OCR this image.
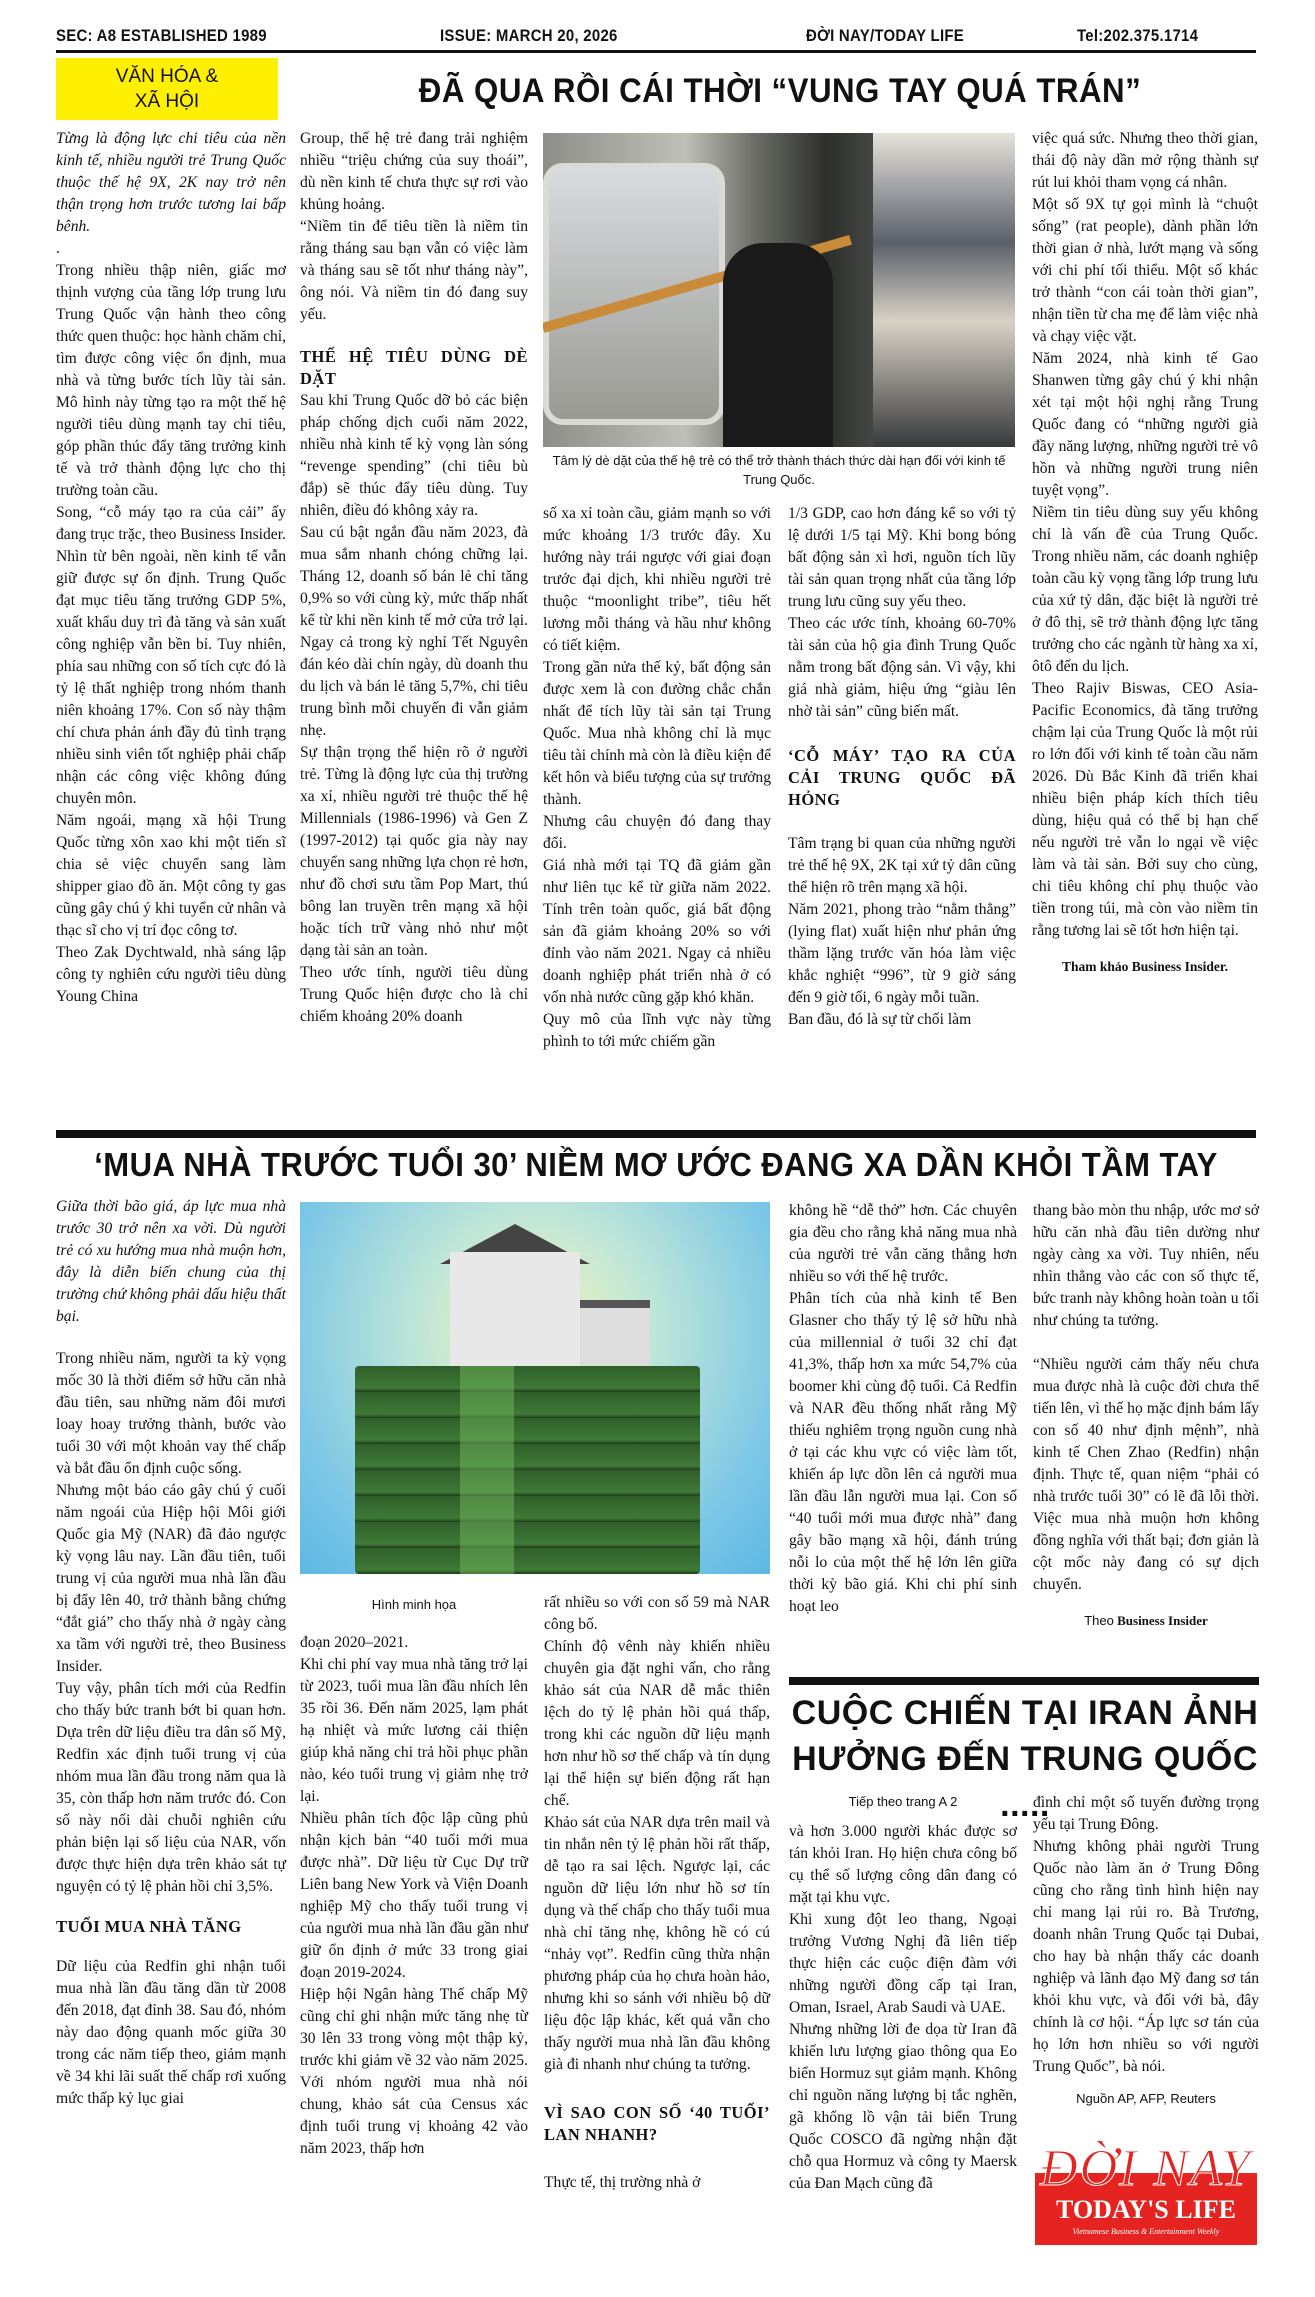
SEC: A8 ESTABLISHED 1989	ISSUE: MARCH 20, 2026	ĐỜI NAY/TODAY LIFE	Tel:202.375.1714
VĂN HÓA &
XÃ HỘI	ĐÃ QUA RỒI CÁI THỜI “VUNG TAY QUÁ TRÁN”

Từng là động lực chi tiêu của nền kinh tế, nhiều người trẻ Trung Quốc thuộc thế hệ 9X, 2K nay trở nên thận trọng hơn trước tương lai bấp bênh.

.

Trong nhiều thập niên, giấc mơ thịnh vượng của tầng lớp trung lưu Trung Quốc vận hành theo công thức quen thuộc: học hành chăm chỉ, tìm được công việc ổn định, mua nhà và từng bước tích lũy tài sản. Mô hình này từng tạo ra một thế hệ người tiêu dùng mạnh tay chi tiêu, góp phần thúc đẩy tăng trưởng kinh tế và trở thành động lực cho thị trường toàn cầu.

Song, “cỗ máy tạo ra của cải” ấy đang trục trặc, theo Business Insider.

Nhìn từ bên ngoài, nền kinh tế vẫn giữ được sự ổn định. Trung Quốc đạt mục tiêu tăng trưởng GDP 5%, xuất khẩu duy trì đà tăng và sản xuất công nghiệp vẫn bền bỉ. Tuy nhiên, phía sau những con số tích cực đó là tỷ lệ thất nghiệp trong nhóm thanh niên khoảng 17%. Con số này thậm chí chưa phản ánh đầy đủ tình trạng nhiều sinh viên tốt nghiệp phải chấp nhận các công việc không đúng chuyên môn.

Năm ngoái, mạng xã hội Trung Quốc từng xôn xao khi một tiến sĩ chia sẻ việc chuyển sang làm shipper giao đồ ăn. Một công ty gas cũng gây chú ý khi tuyển cử nhân và thạc sĩ cho vị trí đọc công tơ.

Theo Zak Dychtwald, nhà sáng lập công ty nghiên cứu người tiêu dùng Young China

Group, thế hệ trẻ đang trải nghiệm nhiều “triệu chứng của suy thoái”, dù nền kinh tế chưa thực sự rơi vào khủng hoảng.

“Niềm tin để tiêu tiền là niềm tin rằng tháng sau bạn vẫn có việc làm và tháng sau sẽ tốt như tháng này”, ông nói. Và niềm tin đó đang suy yếu.

THẾ HỆ TIÊU DÙNG DÈ DẶT

Sau khi Trung Quốc dỡ bỏ các biện pháp chống dịch cuối năm 2022, nhiều nhà kinh tế kỳ vọng làn sóng “revenge spending” (chi tiêu bù đắp) sẽ thúc đẩy tiêu dùng. Tuy nhiên, điều đó không xảy ra.

Sau cú bật ngắn đầu năm 2023, đà mua sắm nhanh chóng chững lại. Tháng 12, doanh số bán lẻ chỉ tăng 0,9% so với cùng kỳ, mức thấp nhất kể từ khi nền kinh tế mở cửa trở lại. Ngay cả trong kỳ nghỉ Tết Nguyên đán kéo dài chín ngày, dù doanh thu du lịch và bán lẻ tăng 5,7%, chi tiêu trung bình mỗi chuyến đi vẫn giảm nhẹ.

Sự thận trọng thể hiện rõ ở người trẻ. Từng là động lực của thị trường xa xỉ, nhiều người trẻ thuộc thế hệ Millennials (1986-1996) và Gen Z (1997-2012) tại quốc gia này nay chuyển sang những lựa chọn rẻ hơn, như đồ chơi sưu tầm Pop Mart, thú bông lan truyền trên mạng xã hội hoặc tích trữ vàng nhỏ như một dạng tài sản an toàn.

Theo ước tính, người tiêu dùng Trung Quốc hiện được cho là chỉ chiếm khoảng 20% doanh

Tâm lý dè dặt của thế hệ trẻ có thể trở thành thách thức dài hạn đối với kinh tế Trung Quốc.

số xa xỉ toàn cầu, giảm mạnh so với mức khoảng 1/3 trước đây. Xu hướng này trái ngược với giai đoạn trước đại dịch, khi nhiều người trẻ thuộc “moonlight tribe”, tiêu hết lương mỗi tháng và hầu như không có tiết kiệm.

Trong gần nửa thế kỷ, bất động sản được xem là con đường chắc chắn nhất để tích lũy tài sản tại Trung Quốc. Mua nhà không chỉ là mục tiêu tài chính mà còn là điều kiện để kết hôn và biểu tượng của sự trưởng thành.

Nhưng câu chuyện đó đang thay đổi.

Giá nhà mới tại TQ đã giảm gần như liên tục kể từ giữa năm 2022. Tính trên toàn quốc, giá bất động sản đã giảm khoảng 20% so với đỉnh vào năm 2021. Ngay cả nhiều doanh nghiệp phát triển nhà ở có vốn nhà nước cũng gặp khó khăn.

Quy mô của lĩnh vực này từng phình to tới mức chiếm gần

1/3 GDP, cao hơn đáng kể so với tỷ lệ dưới 1/5 tại Mỹ. Khi bong bóng bất động sản xì hơi, nguồn tích lũy tài sản quan trọng nhất của tầng lớp trung lưu cũng suy yếu theo.

Theo các ước tính, khoảng 60-70% tài sản của hộ gia đình Trung Quốc nằm trong bất động sản. Vì vậy, khi giá nhà giảm, hiệu ứng “giàu lên nhờ tài sản” cũng biến mất.

‘CỖ MÁY’ TẠO RA CỦA CẢI TRUNG QUỐC ĐÃ HỎNG

Tâm trạng bi quan của những người trẻ thế hệ 9X, 2K tại xứ tỷ dân cũng thể hiện rõ trên mạng xã hội.

Năm 2021, phong trào “nằm thẳng” (lying flat) xuất hiện như phản ứng thầm lặng trước văn hóa làm việc khắc nghiệt “996”, từ 9 giờ sáng đến 9 giờ tối, 6 ngày mỗi tuần.

Ban đầu, đó là sự từ chối làm

việc quá sức. Nhưng theo thời gian, thái độ này dần mở rộng thành sự rút lui khỏi tham vọng cá nhân.

Một số 9X tự gọi mình là “chuột sống” (rat people), dành phần lớn thời gian ở nhà, lướt mạng và sống với chi phí tối thiểu. Một số khác trở thành “con cái toàn thời gian”, nhận tiền từ cha mẹ để làm việc nhà và chạy việc vặt.

Năm 2024, nhà kinh tế Gao Shanwen từng gây chú ý khi nhận xét tại một hội nghị rằng Trung Quốc đang có “những người già đầy năng lượng, những người trẻ vô hồn và những người trung niên tuyệt vọng”.

Niềm tin tiêu dùng suy yếu không chỉ là vấn đề của Trung Quốc. Trong nhiều năm, các doanh nghiệp toàn cầu kỳ vọng tầng lớp trung lưu của xứ tỷ dân, đặc biệt là người trẻ ở đô thị, sẽ trở thành động lực tăng trưởng cho các ngành từ hàng xa xỉ, ôtô đến du lịch.

Theo Rajiv Biswas, CEO Asia-Pacific Economics, đà tăng trưởng chậm lại của Trung Quốc là một rủi ro lớn đối với kinh tế toàn cầu năm 2026. Dù Bắc Kinh đã triển khai nhiều biện pháp kích thích tiêu dùng, hiệu quả có thể bị hạn chế nếu người trẻ vẫn lo ngại về việc làm và tài sản. Bởi suy cho cùng, chi tiêu không chỉ phụ thuộc vào tiền trong túi, mà còn vào niềm tin rằng tương lai sẽ tốt hơn hiện tại.

Tham khảo Business Insider.

‘MUA NHÀ TRƯỚC TUỔI 30’ NIỀM MƠ ƯỚC ĐANG XA DẦN KHỎI TẦM TAY

Giữa thời bão giá, áp lực mua nhà trước 30 trở nên xa vời. Dù người trẻ có xu hướng mua nhà muộn hơn, đây là diễn biến chung của thị trường chứ không phải dấu hiệu thất bại.

Trong nhiều năm, người ta kỳ vọng mốc 30 là thời điểm sở hữu căn nhà đầu tiên, sau những năm đôi mươi loay hoay trưởng thành, bước vào tuổi 30 với một khoản vay thế chấp và bắt đầu ổn định cuộc sống.

Nhưng một báo cáo gây chú ý cuối năm ngoái của Hiệp hội Môi giới Quốc gia Mỹ (NAR) đã đảo ngược kỳ vọng lâu nay. Lần đầu tiên, tuổi trung vị của người mua nhà lần đầu bị đẩy lên 40, trở thành bằng chứng “đắt giá” cho thấy nhà ở ngày càng xa tầm với người trẻ, theo Business Insider.

Tuy vậy, phân tích mới của Redfin cho thấy bức tranh bớt bi quan hơn. Dựa trên dữ liệu điều tra dân số Mỹ, Redfin xác định tuổi trung vị của nhóm mua lần đầu trong năm qua là 35, còn thấp hơn năm trước đó. Con số này nối dài chuỗi nghiên cứu phản biện lại số liệu của NAR, vốn được thực hiện dựa trên khảo sát tự nguyện có tỷ lệ phản hồi chỉ 3,5%.

TUỔI MUA NHÀ TĂNG

Dữ liệu của Redfin ghi nhận tuổi mua nhà lần đầu tăng dần từ 2008 đến 2018, đạt đỉnh 38. Sau đó, nhóm này dao động quanh mốc giữa 30 trong các năm tiếp theo, giảm mạnh về 34 khi lãi suất thế chấp rơi xuống mức thấp kỷ lục giai

Hình minh họa

đoạn 2020–2021.

Khi chi phí vay mua nhà tăng trở lại từ 2023, tuổi mua lần đầu nhích lên 35 rồi 36. Đến năm 2025, lạm phát hạ nhiệt và mức lương cải thiện giúp khả năng chi trả hồi phục phần nào, kéo tuổi trung vị giảm nhẹ trở lại.

Nhiều phân tích độc lập cũng phủ nhận kịch bản “40 tuổi mới mua được nhà”. Dữ liệu từ Cục Dự trữ Liên bang New York và Viện Doanh nghiệp Mỹ cho thấy tuổi trung vị của người mua nhà lần đầu gần như giữ ổn định ở mức 33 trong giai đoạn 2019-2024.

Hiệp hội Ngân hàng Thế chấp Mỹ cũng chỉ ghi nhận mức tăng nhẹ từ 30 lên 33 trong vòng một thập kỷ, trước khi giảm về 32 vào năm 2025. Với nhóm người mua nhà nói chung, khảo sát của Census xác định tuổi trung vị khoảng 42 vào năm 2023, thấp hơn

rất nhiều so với con số 59 mà NAR công bố.

Chính độ vênh này khiến nhiều chuyên gia đặt nghi vấn, cho rằng khảo sát của NAR dễ mắc thiên lệch do tỷ lệ phản hồi quá thấp, trong khi các nguồn dữ liệu mạnh hơn như hồ sơ thế chấp và tín dụng lại thể hiện sự biến động rất hạn chế.

Khảo sát của NAR dựa trên mail và tin nhắn nên tỷ lệ phản hồi rất thấp, dễ tạo ra sai lệch. Ngược lại, các nguồn dữ liệu lớn như hồ sơ tín dụng và thế chấp cho thấy tuổi mua nhà chỉ tăng nhẹ, không hề có cú “nhảy vọt”. Redfin cũng thừa nhận phương pháp của họ chưa hoàn hảo, nhưng khi so sánh với nhiều bộ dữ liệu độc lập khác, kết quả vẫn cho thấy người mua nhà lần đầu không già đi nhanh như chúng ta tưởng.

VÌ SAO CON SỐ ‘40 TUỔI’ LAN NHANH?

Thực tế, thị trường nhà ở

không hề “dễ thở” hơn. Các chuyên gia đều cho rằng khả năng mua nhà của người trẻ vẫn căng thẳng hơn nhiều so với thế hệ trước.

Phân tích của nhà kinh tế Ben Glasner cho thấy tỷ lệ sở hữu nhà của millennial ở tuổi 32 chỉ đạt 41,3%, thấp hơn xa mức 54,7% của boomer khi cùng độ tuổi. Cả Redfin và NAR đều thống nhất rằng Mỹ thiếu nghiêm trọng nguồn cung nhà ở tại các khu vực có việc làm tốt, khiến áp lực dồn lên cả người mua lần đầu lẫn người mua lại. Con số “40 tuổi mới mua được nhà” đang gây bão mạng xã hội, đánh trúng nỗi lo của một thế hệ lớn lên giữa thời kỳ bão giá. Khi chi phí sinh hoạt leo

thang bào mòn thu nhập, ước mơ sở hữu căn nhà đầu tiên dường như ngày càng xa vời. Tuy nhiên, nếu nhìn thẳng vào các con số thực tế, bức tranh này không hoàn toàn u tối như chúng ta tưởng.

“Nhiều người cảm thấy nếu chưa mua được nhà là cuộc đời chưa thể tiến lên, vì thế họ mặc định bám lấy con số 40 như định mệnh”, nhà kinh tế Chen Zhao (Redfin) nhận định. Thực tế, quan niệm “phải có nhà trước tuổi 30” có lẽ đã lỗi thời. Việc mua nhà muộn hơn không đồng nghĩa với thất bại; đơn giản là cột mốc này đang có sự dịch chuyển.

Theo Business Insider

CUỘC CHIẾN TẠI IRAN ẢNH HƯỞNG ĐẾN TRUNG QUỐC .....

Tiếp theo trang A 2

và hơn 3.000 người khác được sơ tán khỏi Iran. Họ hiện chưa công bố cụ thể số lượng công dân đang có mặt tại khu vực.

Khi xung đột leo thang, Ngoại trưởng Vương Nghị đã liên tiếp thực hiện các cuộc điện đàm với những người đồng cấp tại Iran, Oman, Israel, Arab Saudi và UAE.

Nhưng những lời đe dọa từ Iran đã khiến lưu lượng giao thông qua Eo biển Hormuz sụt giảm mạnh. Không chỉ nguồn năng lượng bị tắc nghẽn, gã khổng lồ vận tải biển Trung Quốc COSCO đã ngừng nhận đặt chỗ qua Hormuz và công ty Maersk của Đan Mạch cũng đã

đình chỉ một số tuyến đường trọng yếu tại Trung Đông.

Nhưng không phải người Trung Quốc nào làm ăn ở Trung Đông cũng cho rằng tình hình hiện nay chỉ mang lại rủi ro. Bà Trương, doanh nhân Trung Quốc tại Dubai, cho hay bà nhận thấy các doanh nghiệp và lãnh đạo Mỹ đang sơ tán khỏi khu vực, và đối với bà, đây chính là cơ hội. “Áp lực sơ tán của họ lớn hơn nhiều so với người Trung Quốc”, bà nói.

Nguồn AP, AFP, Reuters

ĐỜI NAY
TODAY'S LIFE
Vietnamese Business & Entertainment Weekly
